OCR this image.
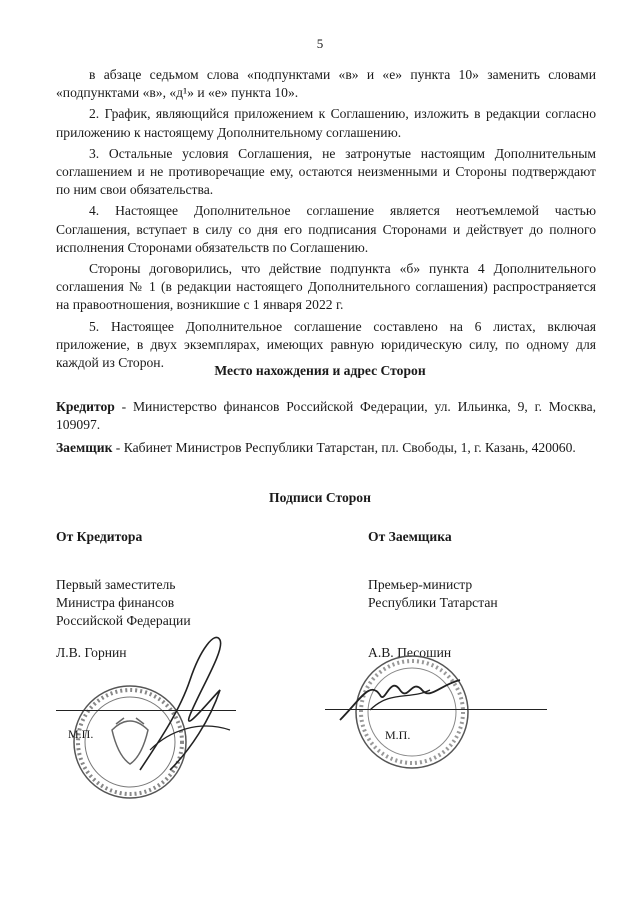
5

в абзаце седьмом слова «подпунктами «в» и «е» пункта 10» заменить словами «подпунктами «в», «д¹» и «е» пункта 10».

2. График, являющийся приложением к Соглашению, изложить в редакции согласно приложению к настоящему Дополнительному соглашению.

3. Остальные условия Соглашения, не затронутые настоящим Дополнительным соглашением и не противоречащие ему, остаются неизменными и Стороны подтверждают по ним свои обязательства.

4. Настоящее Дополнительное соглашение является неотъемлемой частью Соглашения, вступает в силу со дня его подписания Сторонами и действует до полного исполнения Сторонами обязательств по Соглашению.

Стороны договорились, что действие подпункта «б» пункта 4 Дополнительного соглашения № 1 (в редакции настоящего Дополнительного соглашения) распространяется на правоотношения, возникшие с 1 января 2022 г.

5. Настоящее Дополнительное соглашение составлено на 6 листах, включая приложение, в двух экземплярах, имеющих равную юридическую силу, по одному для каждой из Сторон.

Место нахождения и адрес Сторон

Кредитор - Министерство финансов Российской Федерации, ул. Ильинка, 9, г. Москва, 109097.

Заемщик - Кабинет Министров Республики Татарстан, пл. Свободы, 1, г. Казань, 420060.

Подписи Сторон
От Кредитора
Первый заместитель
Министра финансов
Российской Федерации
Л.В. Горнин
От Заемщика
Премьер-министр
Республики Татарстан
А.В. Песошин
М.П.	М.П.
